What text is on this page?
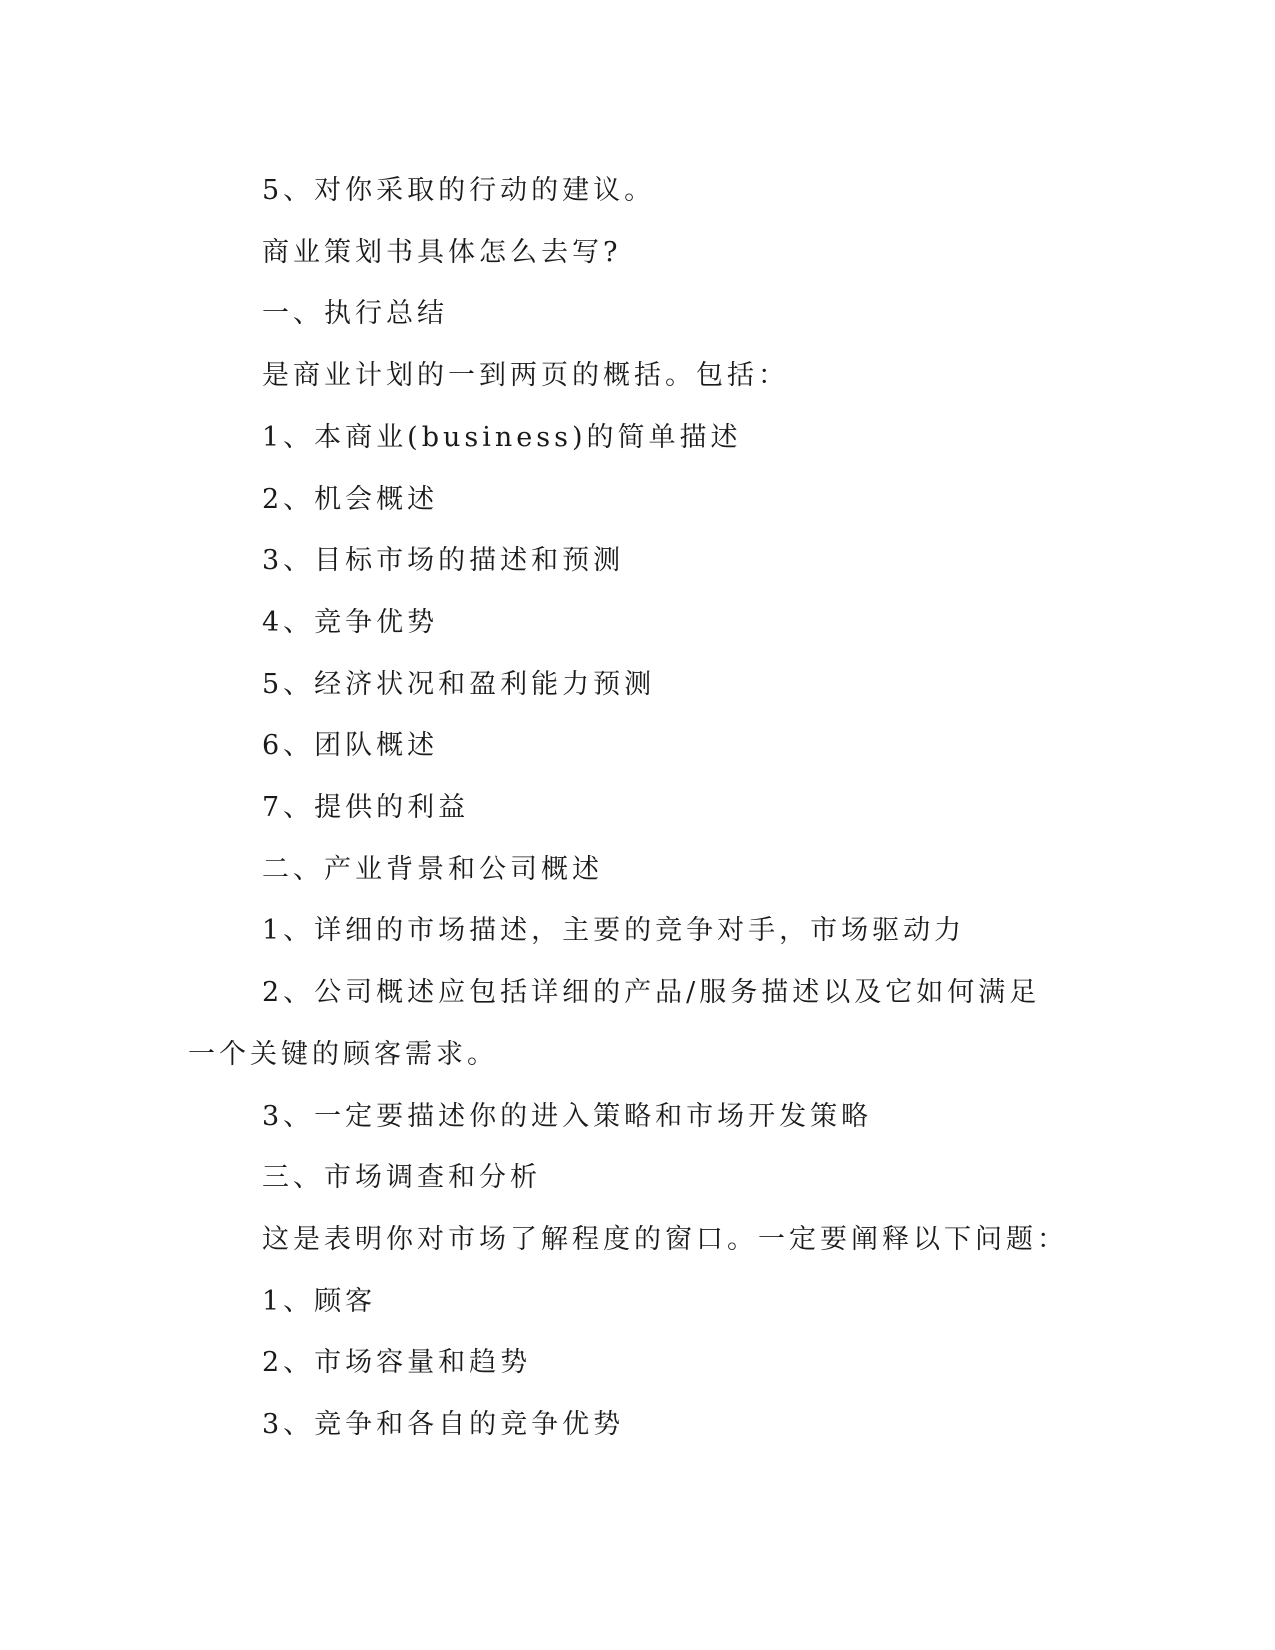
5、对你采取的行动的建议。

商业策划书具体怎么去写?

一、执行总结

是商业计划的一到两页的概括。包括：

1、本商业(business)的简单描述

2、机会概述

3、目标市场的描述和预测

4、竞争优势

5、经济状况和盈利能力预测

6、团队概述

7、提供的利益

二、产业背景和公司概述

1、详细的市场描述，主要的竞争对手，市场驱动力

2、公司概述应包括详细的产品/服务描述以及它如何满足一个关键的顾客需求。

3、一定要描述你的进入策略和市场开发策略

三、市场调查和分析

这是表明你对市场了解程度的窗口。一定要阐释以下问题：

1、顾客

2、市场容量和趋势

3、竞争和各自的竞争优势
